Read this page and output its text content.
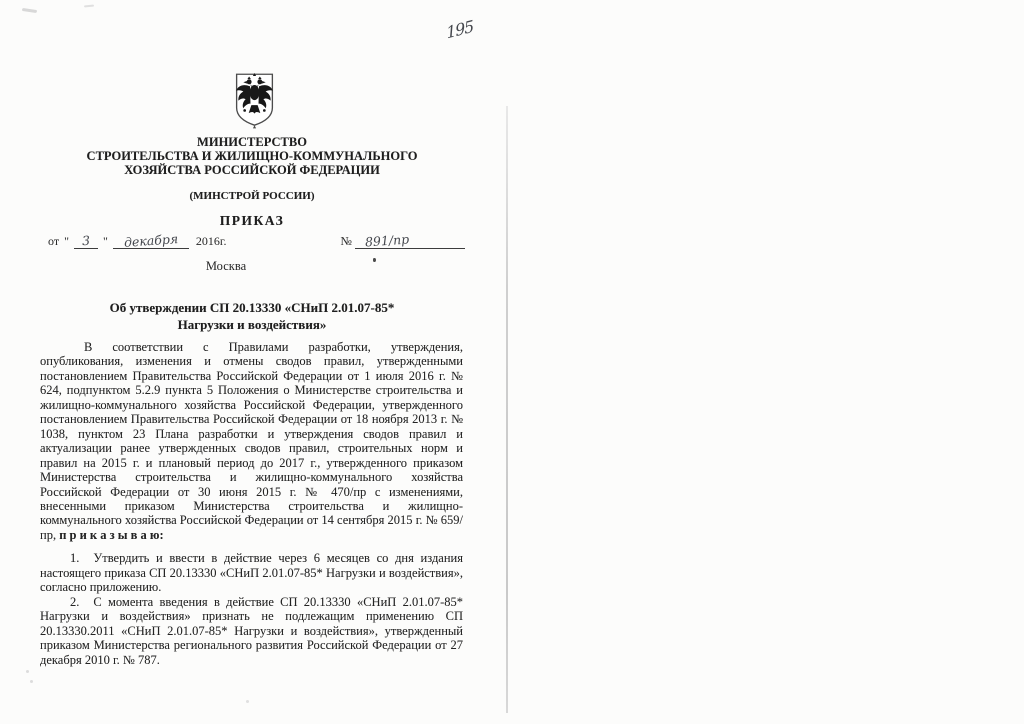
195
МИНИСТЕРСТВО
СТРОИТЕЛЬСТВА И ЖИЛИЩНО-КОММУНАЛЬНОГО
ХОЗЯЙСТВА РОССИЙСКОЙ ФЕДЕРАЦИИ
(МИНСТРОЙ РОССИИ)
ПРИКАЗ
от " 3 " декабря 2016г.	№ 891/пр
Москва
Об утверждении СП 20.13330 «СНиП 2.01.07-85*
Нагрузки и воздействия»

В соответствии с Правилами разработки, утверждения, опубликования, изменения и отмены сводов правил, утвержденными постановлением Правительства Российской Федерации от 1 июля 2016 г. № 624, подпунктом 5.2.9 пункта 5 Положения о Министерстве строительства и жилищно-коммунального хозяйства Российской Федерации, утвержденного постановлением Правительства Российской Федерации от 18 ноября 2013 г. № 1038, пунктом 23 Плана разработки и утверждения сводов правил и актуализации ранее утвержденных сводов правил, строительных норм и правил на 2015 г. и плановый период до 2017 г., утвержденного приказом Министерства строительства и жилищно-коммунального хозяйства Российской Федерации от 30 июня 2015 г. № 470/пр с изменениями, внесенными приказом Министерства строительства и жилищно-коммунального хозяйства Российской Федерации от 14 сентября 2015 г. № 659/пр, п р и к а з ы в а ю:

1. Утвердить и ввести в действие через 6 месяцев со дня издания настоящего приказа СП 20.13330 «СНиП 2.01.07-85* Нагрузки и воздействия», согласно приложению.

2. С момента введения в действие СП 20.13330 «СНиП 2.01.07-85* Нагрузки и воздействия» признать не подлежащим применению СП 20.13330.2011 «СНиП 2.01.07-85* Нагрузки и воздействия», утвержденный приказом Министерства регионального развития Российской Федерации от 27 декабря 2010 г. № 787.
